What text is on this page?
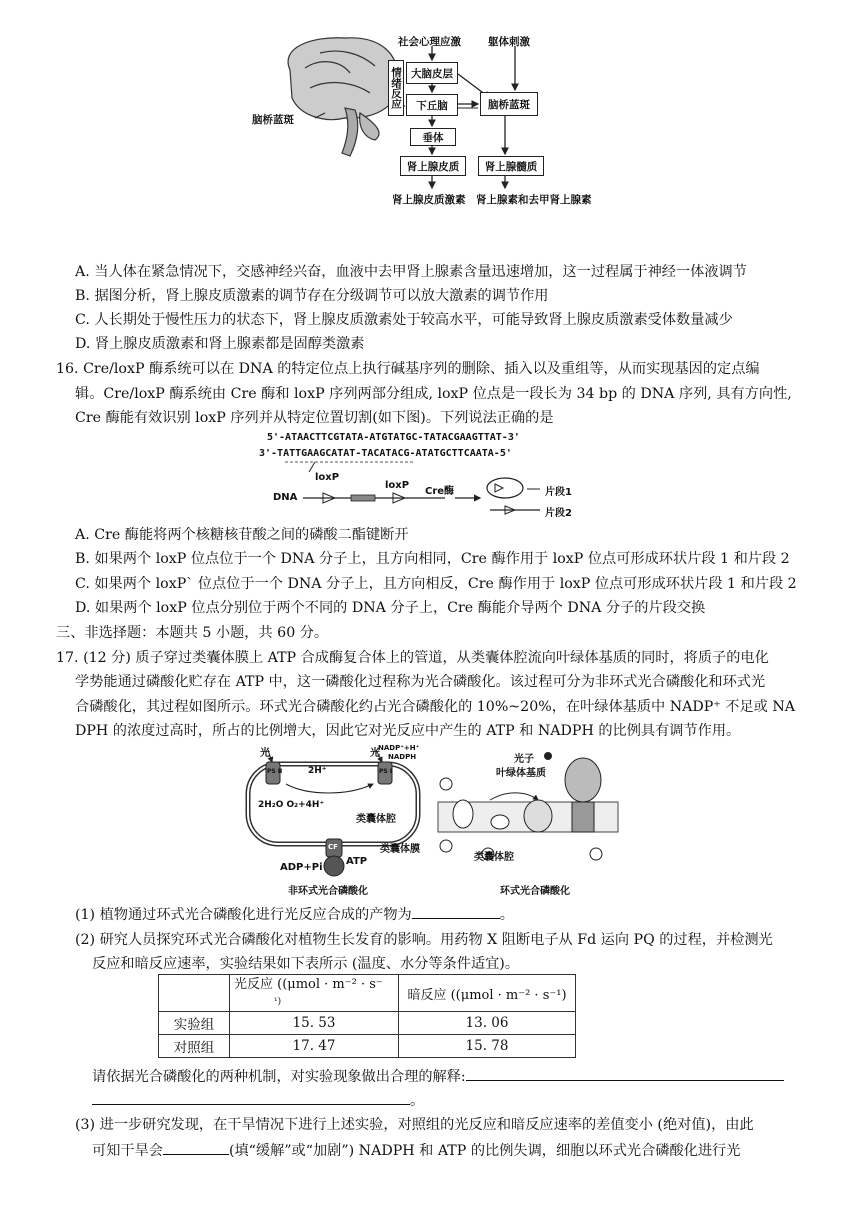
社会心理应激	躯体刺激
情绪反应 大脑皮层
下丘脑	脑桥蓝斑
垂体
肾上腺皮质 肾上腺髓质
脑桥蓝斑
肾上腺皮质激素 肾上腺素和去甲肾上腺素
A. 当人体在紧急情况下，交感神经兴奋，血液中去甲肾上腺素含量迅速增加，这一过程属于神经一体液调节
B. 据图分析，肾上腺皮质激素的调节存在分级调节可以放大激素的调节作用
C. 人长期处于慢性压力的状态下，肾上腺皮质激素处于较高水平，可能导致肾上腺皮质激素受体数量减少
D. 肾上腺皮质激素和肾上腺素都是固醇类激素
16. Cre/loxP 酶系统可以在 DNA 的特定位点上执行碱基序列的删除、插入以及重组等，从而实现基因的定点编
辑。Cre/loxP 酶系统由 Cre 酶和 loxP 序列两部分组成, loxP 位点是一段长为 34 bp 的 DNA 序列, 具有方向性,
Cre 酶能有效识别 loxP 序列并从特定位置切割(如下图)。下列说法正确的是
5'-ATAACTTCGTATA-ATGTATGC-TATACGAAGTTAT-3'
3'-TATTGAAGCATAT-TACATACG-ATATGCTTCAATA-5'
loxP
loxP
DNA
Cre酶	片段1
片段2
A. Cre 酶能将两个核糖核苷酸之间的磷酸二酯键断开
B. 如果两个 loxP 位点位于一个 DNA 分子上，且方向相同，Cre 酶作用于 loxP 位点可形成环状片段 1 和片段 2
C. 如果两个 loxP` 位点位于一个 DNA 分子上，且方向相反，Cre 酶作用于 loxP 位点可形成环状片段 1 和片段 2
D. 如果两个 loxP 位点分别位于两个不同的 DNA 分子上，Cre 酶能介导两个 DNA 分子的片段交换
三、非选择题：本题共 5 小题，共 60 分。
17. (12 分) 质子穿过类囊体膜上 ATP 合成酶复合体上的管道，从类囊体腔流向叶绿体基质的同时，将质子的电化
学势能通过磷酸化贮存在 ATP 中，这一磷酸化过程称为光合磷酸化。该过程可分为非环式光合磷酸化和环式光
合磷酸化，其过程如图所示。环式光合磷酸化约占光合磷酸化的 10%~20%，在叶绿体基质中 NADP⁺ 不足或 NA
DPH 的浓度过高时，所占的比例增大，因此它对光反应中产生的 ATP 和 NADPH 的比例具有调节作用。
光	光
2H⁺
NADP⁺+H⁺
NADPH
2H₂O O₂+4H⁺
PS I
PS II
CF
类囊体腔
类囊体膜
ADP+Pi
ATP
非环式光合磷酸化
光子
叶绿体基质
类囊体腔
环式光合磷酸化
(1) 植物通过环式光合磷酸化进行光反应合成的产物为	。
(2) 研究人员探究环式光合磷酸化对植物生长发育的影响。用药物 X 阻断电子从 Fd 运向 PQ 的过程，并检测光
反应和暗反应速率，实验结果如下表所示 (温度、水分等条件适宜)。
	光反应 ((μmol · m⁻² · s⁻
¹)	暗反应 ((μmol · m⁻² · s⁻¹)
实验组	15. 53	13. 06
对照组	17. 47	15. 78
请依据光合磷酸化的两种机制，对实验现象做出合理的解释:
。
(3) 进一步研究发现，在干旱情况下进行上述实验，对照组的光反应和暗反应速率的差值变小 (绝对值)，由此
可知干旱会	(填“缓解”或“加剧”) NADPH 和 ATP 的比例失调，细胞以环式光合磷酸化进行光
